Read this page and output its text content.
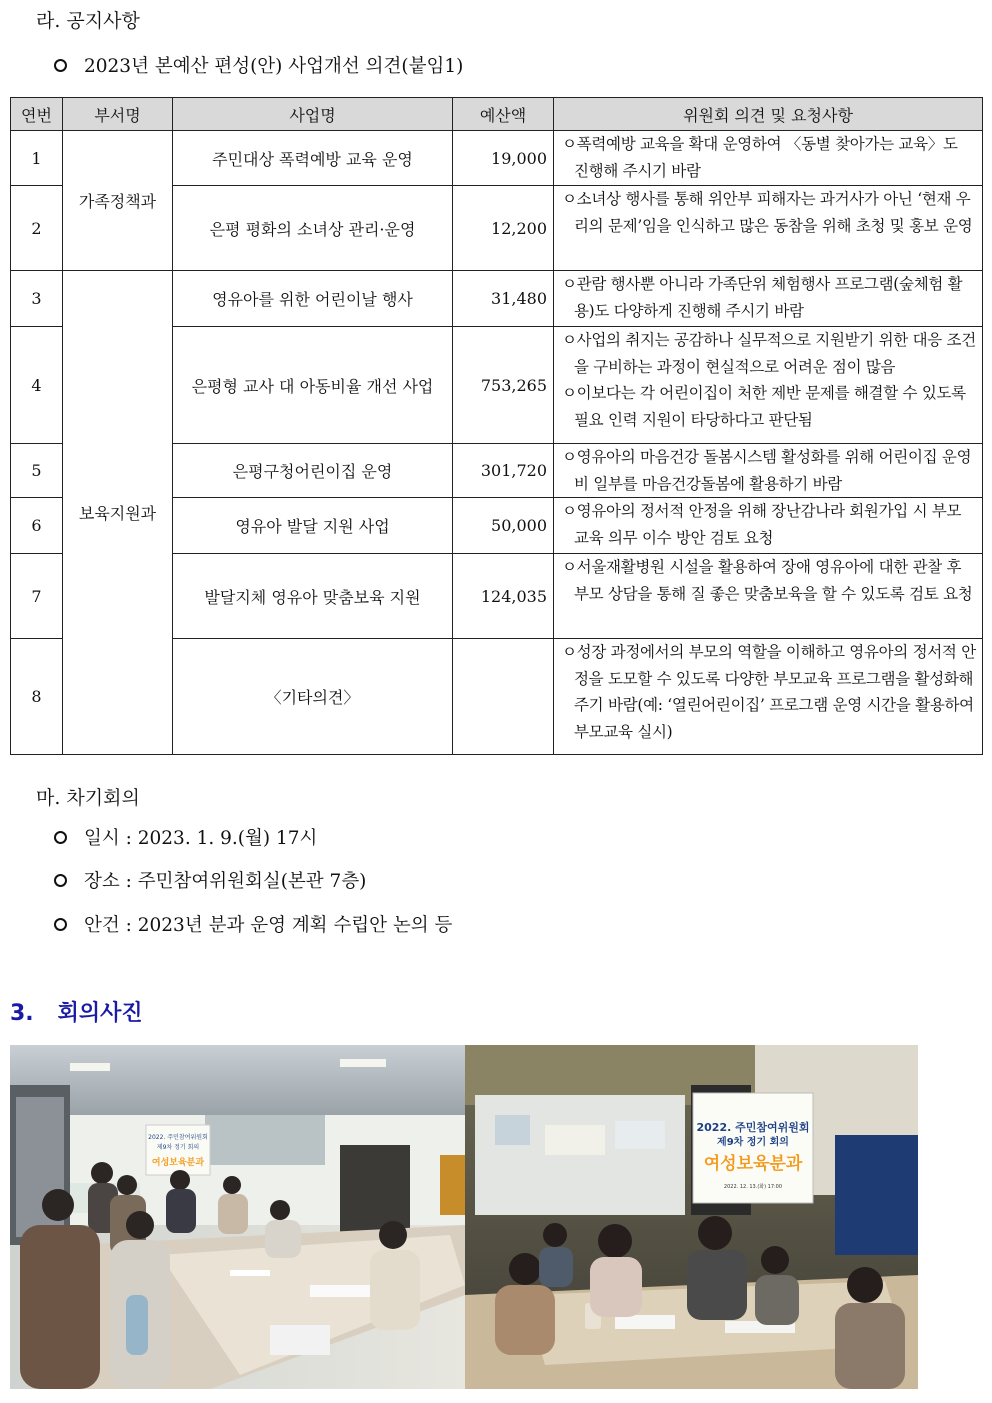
라. 공지사항
2023년 본예산 편성(안) 사업개선 의견(붙임1)
연번	부서명	사업명	예산액	위원회 의견 및 요청사항
1	가족정책과	주민대상 폭력예방 교육 운영	19,000	ㅇ폭력예방 교육을 확대 운영하여 〈동별 찾아가는 교육〉도 진행해 주시기 바람

2		은평 평화의 소녀상 관리·운영	12,200	ㅇ소녀상 행사를 통해 위안부 피해자는 과거사가 아닌 ‘현재 우리의 문제’임을 인식하고 많은 동참을 위해 초청 및 홍보 운영

3	보육지원과	영유아를 위한 어린이날 행사	31,480	ㅇ관람 행사뿐 아니라 가족단위 체험행사 프로그램(숲체험 활용)도 다양하게 진행해 주시기 바람

4		은평형 교사 대 아동비율 개선 사업	753,265	ㅇ사업의 취지는 공감하나 실무적으로 지원받기 위한 대응 조건을 구비하는 과정이 현실적으로 어려운 점이 많음

ㅇ이보다는 각 어린이집이 처한 제반 문제를 해결할 수 있도록 필요 인력 지원이 타당하다고 판단됨

5		은평구청어린이집 운영	301,720	ㅇ영유아의 마음건강 돌봄시스템 활성화를 위해 어린이집 운영비 일부를 마음건강돌봄에 활용하기 바람

6		영유아 발달 지원 사업	50,000	ㅇ영유아의 정서적 안정을 위해 장난감나라 회원가입 시 부모 교육 의무 이수 방안 검토 요청

7		발달지체 영유아 맞춤보육 지원	124,035	ㅇ서울재활병원 시설을 활용하여 장애 영유아에 대한 관찰 후 부모 상담을 통해 질 좋은 맞춤보육을 할 수 있도록 검토 요청

8		〈기타의견〉		ㅇ성장 과정에서의 부모의 역할을 이해하고 영유아의 정서적 안정을 도모할 수 있도록 다양한 부모교육 프로그램을 활성화해주기 바람(예: ‘열린어린이집’ 프로그램 운영 시간을 활용하여 부모교육 실시)

마. 차기회의
일시 : 2023. 1. 9.(월) 17시
장소 : 주민참여위원회실(본관 7층)
안건 : 2023년 분과 운영 계획 수립안 논의 등
3. 회의사진
2022. 주민참여위원회
제9차 정기 회의
여성보육분과
2022. 주민참여위원회
제9차 정기 회의
여성보육분과
2022. 12. 13.(화) 17:00
